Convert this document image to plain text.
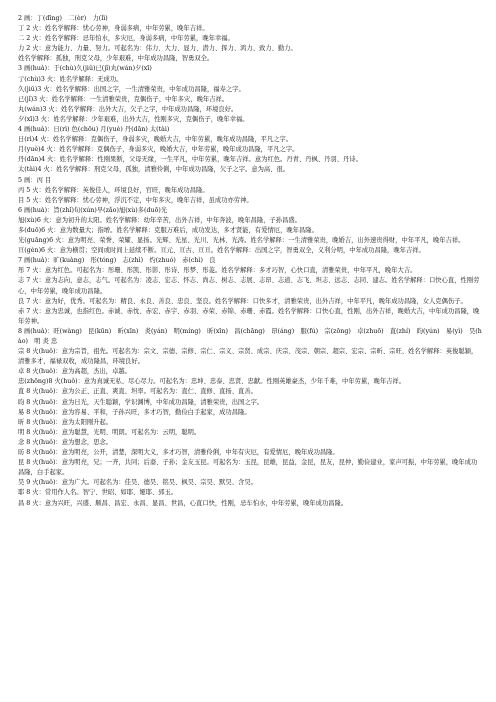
2 画：丁(dīng)　二(èr)　力(lì)
丁 2 火：姓名学解释：忧心劳神，身弱多病，中年劳累，晚年吉祥。
二 2 火：姓名学解释：忌年怕水，多灾厄，身弱多病，中年劳累，晚年幸福。
力 2 火：意为能力、力量、努力。可起名为：伟力、大力、显力、潜力、挥力、鸿力、致力、勤力。
姓名学解释：孤独，刑克父母，少年艰难，中年成功昌隆，智勇双全。
3 画(huà)：于(chù)久(jiǔ)已(jǐ)丸(wán)夕(xī)
亍(chù)3 火：姓名学解释：无成功。
久(jiǔ)3 火：姓名学解释：出国之字，一生清雅荣贵，中年成功昌隆，福寿之字。
已(jǐ)3 火：姓名学解释：一生清雅荣贵，克偶伤子，中年多灾，晚年吉祥。
丸(wán)3 火：姓名学解释：出外大吉，欠子之字，中年成功昌隆，环境良好。
夕(xī)3 火：姓名学解释：少年艰难，出外大吉，性刚多灾，克偶伤子，晚年幸福。
4 画(huà)：日(rì) 色(chōu) 月(yuè) 丹(dān) 太(tài)
日(rì)4 火：姓名学解释：克偶伤子，身弱多灾，晚婚大吉，中年劳累，晚年成功昌隆，平凡之字。
月(yuè)4 火：姓名学解释：克偶伤子，身弱多灾，晚婚大吉，中年劳累，晚年成功昌隆，平凡之字。
丹(dān)4 火：姓名学解释：性刚果断，父母无缘，一生平凡，中年劳累，晚年吉祥。意为红色。丹青、丹枫、丹羽、丹诗。
太(tài)4 火：姓名学解释：刑克父母，孤独，清雅伶俐，中年成功昌隆，欠子之字。意为高、很。
5 画：丙 目
丙 5 火：姓名学解释：英俊佳人，环境良好，官旺，晚年成功昌隆。
目 5 火：姓名学解释：忧心劳神，浮沉不定，中年多灾，晚年吉祥，虽成功亦劳神。
6 画(huà)：旨(zhǐ)旬(xún)早(zǎo)旭(xù)多(duō)光
旭(xù)6 火：意为初升的太阳。姓名学解释：幼年辛苦，出外吉祥，中年奔波，晚年昌隆，子孙昌盛。
多(duō)6 火：意为数量大；指增。姓名学解释：克服万难后，成功发达，多才贤能，有爱情厄，晚年昌隆。
光(guāng)6 火：意为明亮、荣誉、荣耀、显扬。光辉、光星、光川、光林、光涛。姓名学解释：一生清雅荣贵，晚婚吉，出外速贵得财，中年平凡，晚年吉祥。
亘(gèn)6 火：意为横贯；空间或时间上延续不断。亘元、亘古、亘亘。姓名学解释：出国之字，智勇双全，义利分明，中年成功昌隆，晚年吉祥。
7 画(huà)：旷(kuàng)　彤(tóng)　志(zhì)　灼(zhuó)　赤(chì)　良
彤 7 火：意为红色。可起名为：彤珊、彤凯、彤影、彤诗、彤梦、彤菱。姓名学解释：多才巧智，心快口直，清雅荣贵，中年平凡，晚年大吉。
志 7 火：意为志向，意志，志气。可起名为：凌志、宏志、怀志、尚志、树志、志展、志昂、志道、志飞、坦志、远志、志同、建志。姓名学解释：口快心直，性刚劳心，中年劳累，晚年成功昌隆。
良 7 火：意为好，优秀。可起名为：精良、永良、善良、忠良、坚良。姓名学解释：口快多才，清雅荣贵，出外吉祥，中年平凡，晚年成功昌隆，女人克偶伤子。
赤 7 火：意为忠诚，也指红色。赤诚、赤忱、赤宏、赤宇、赤羽、赤荣、赤锦、赤珊、赤霞。姓名学解释：口快心直，性刚，出外吉祥，晚婚大吉，中年成功昌隆，晚年劳神。
8 画(huà)：旺(wàng)　昆(kūn)　昕(xīn)　炎(yán)　明(míng)　昕(xīn)　昌(chāng)　昂(áng)　服(fú)　宗(zōng)　卓(zhuō)　直(zhí)　昀(yún)　易(yì)　昊(hào)　明 炎 忠
宗 8 火(huǒ)：意为宗旨，祖先。可起名为：宗文、宗德、宗修、宗仁、宗义、宗贤、成宗、庆宗、茂宗、朝宗、超宗、宏宗、宗昕、宗旺、姓名学解释：英俊聪颖，清雅多才，福禄双收，成功隆昌，环境良好。
卓 8 火(huǒ)：意为高超，杰出，卓越。
忠(zhōng)8 火(huǒ)：意为真诚无私、尽心尽力。可起名为：忠坤、忠泰、忠贤、忠献。性刚英雄豪杰，少年千难，中年劳累，晚年吉祥。
直 8 火(huǒ)：意为公正、正直、爽直、坦率。可起名为：直仁、直修、直扬、直善。
昀 8 火(huǒ)：意为日光，天生聪颖，学识渊博，中年成功昌隆，清雅荣贵，出国之字。
易 8 火(huǒ)：意为容易、平和，子孙兴旺，多才巧智，勤俭白手起家，成功昌隆。
昕 8 火(huǒ)：意为太阳刚升起。
明 8 火(huǒ)：意为聪慧，光明、明朗。可起名为：云明，聪明。
念 8 火(huǒ)：意为想念，思念。
昉 8 火(huǒ)：意为明亮，公开，清楚，深明大义，多才巧智，清雅伶俐，中年有灾厄，有爱情厄，晚年成功昌隆。
昆 8 火(huǒ)：意为明亮，兄；一齐，共同；后裔、子孙；金友玉昆。可起名为：玉昆，昆雄，昆益，金昆，昆友，昆仲，勤俭建业，家声可振，中年劳累，晚年成功昌隆，白手起家。
昊 9 火(huǒ)：意为广大。可起名为：佳昊、德昊、铭昊、枫昊、宗昊、默昊、含昊。
耶 8 火：常用作人名。智宁、世昭、如耶、娅耶、郅玉。
昌 8 火：意为兴旺，兴盛、顺昌、昌宏、永昌、显昌、世昌，心直口快，性刚，忌车怕水，中年劳累，晚年成功昌隆。
